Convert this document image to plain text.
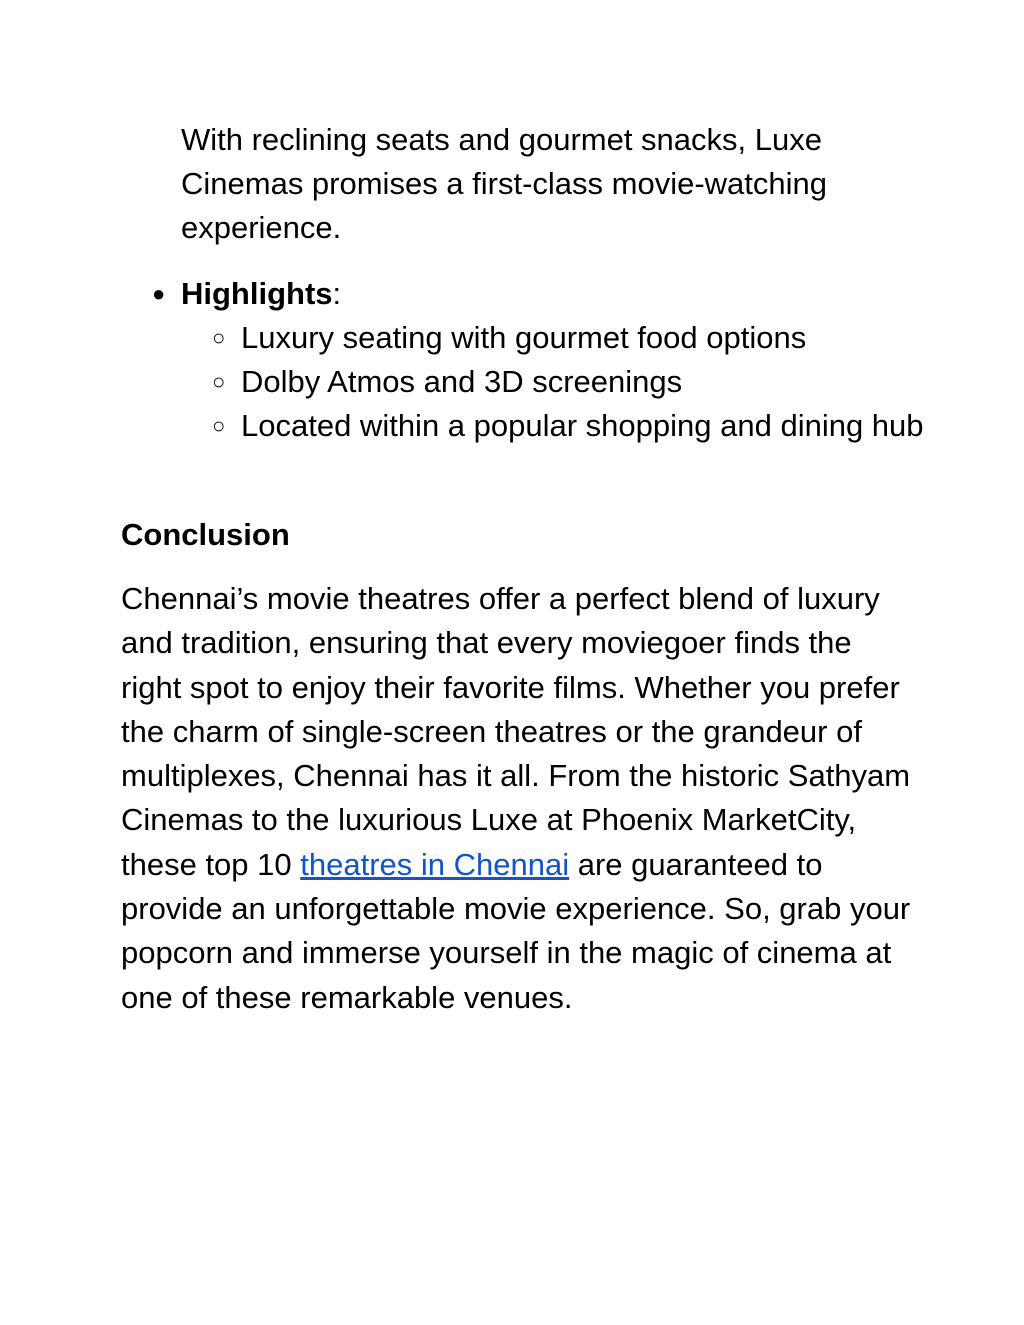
With reclining seats and gourmet snacks, Luxe Cinemas promises a first-class movie-watching experience.

● Highlights:
○ Luxury seating with gourmet food options
○ Dolby Atmos and 3D screenings
○ Located within a popular shopping and dining hub
Conclusion

Chennai’s movie theatres offer a perfect blend of luxury and tradition, ensuring that every moviegoer finds the right spot to enjoy their favorite films. Whether you prefer the charm of single-screen theatres or the grandeur of multiplexes, Chennai has it all. From the historic Sathyam Cinemas to the luxurious Luxe at Phoenix MarketCity, these top 10 theatres in Chennai are guaranteed to provide an unforgettable movie experience. So, grab your popcorn and immerse yourself in the magic of cinema at one of these remarkable venues.
